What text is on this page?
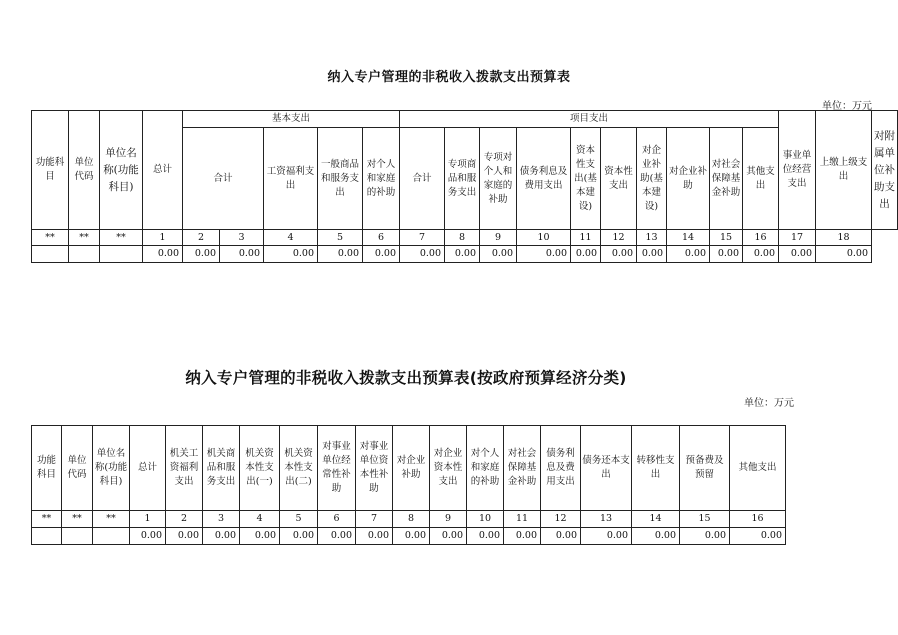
纳入专户管理的非税收入拨款支出预算表
单位：万元
功能科目	单位代码	单位名称(功能科目)	总计	基本支出					项目支出										事业单位经营支出	上缴上级支出	对附属单位补助支出
				合计		工资福利支出	一般商品和服务支出	对个人和家庭的补助	合计	专项商品和服务支出	专项对个人和家庭的补助	债务利息及费用支出	资本性支出(基本建设)	资本性支出	对企业补助(基本建设)	对企业补助	对社会保障基金补助	其他支出			
**	**	**	1	2	3	4	5	6	7	8	9	10	11	12	13	14	15	16	17	18	
			0.00	0.00	0.00	0.00	0.00	0.00	0.00	0.00	0.00	0.00	0.00	0.00	0.00	0.00	0.00	0.00	0.00	0.00	
纳入专户管理的非税收入拨款支出预算表(按政府预算经济分类)
单位：万元
功能科目	单位代码	单位名称(功能科目)	总计	机关工资福利支出	机关商品和服务支出	机关资本性支出(一)	机关资本性支出(二)	对事业单位经常性补助	对事业单位资本性补助	对企业补助	对企业资本性支出	对个人和家庭的补助	对社会保障基金补助	债务利息及费用支出	债务还本支出	转移性支出	预备费及预留	其他支出
**	**	**	1	2	3	4	5	6	7	8	9	10	11	12	13	14	15	16
			0.00	0.00	0.00	0.00	0.00	0.00	0.00	0.00	0.00	0.00	0.00	0.00	0.00	0.00	0.00	0.00
